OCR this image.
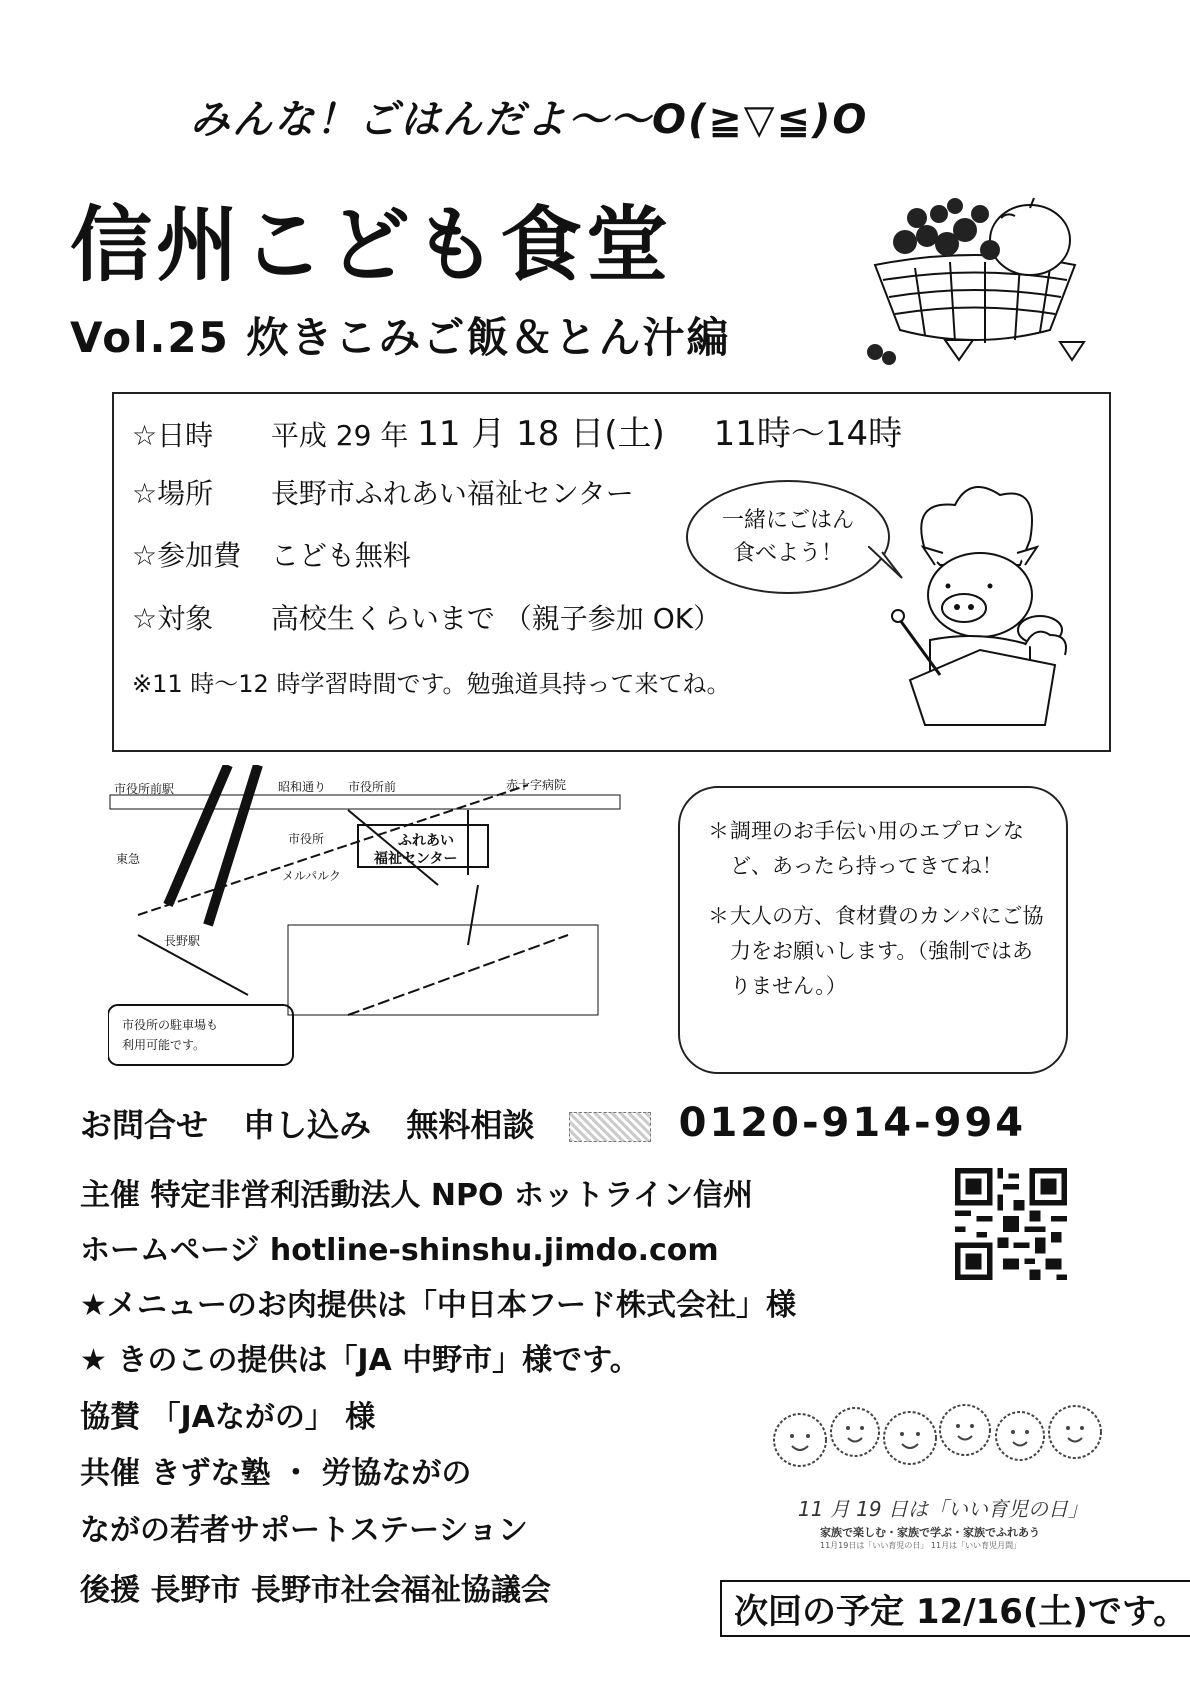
みんな！ごはんだよ～～O(≧▽≦)O
信州こども食堂
Vol.25 炊きこみご飯＆とん汁編
☆日時 平成 29 年 11 月 18 日(土) 11時～14時
☆場所 長野市ふれあい福祉センター
☆参加費 こども無料
☆対象 高校生くらいまで （親子参加 OK）
※11 時～12 時学習時間です。勉強道具持って来てね。
一緒にごはん
食べよう！
市役所前駅	昭和通り 市役所前	赤十字病院
市役所	ふれあい
福祉センター
東急
メルパルク
長野駅
市役所の駐車場も
利用可能です。
＊ 調理のお手伝い用のエプロンなど、あったら持ってきてね！
＊ 大人の方、食材費のカンパにご協力をお願いします。（強制ではありません。）
お問合せ 申し込み 無料相談	0120-914-994
主催 特定非営利活動法人 NPO ホットライン信州
ホームページ hotline-shinshu.jimdo.com
★メニューのお肉提供は「中日本フード株式会社」様
★ きのこの提供は「JA 中野市」様です。
協賛 「JAながの」 様
共催 きずな塾 ・ 労協ながの
ながの若者サポートステーション
後援 長野市 長野市社会福祉協議会
11 月 19 日は「いい育児の日」
家族で楽しむ・家族で学ぶ・家族でふれあう
11月19日は「いい育児の日」 11月は「いい育児月間」
次回の予定 12/16(土)です。
